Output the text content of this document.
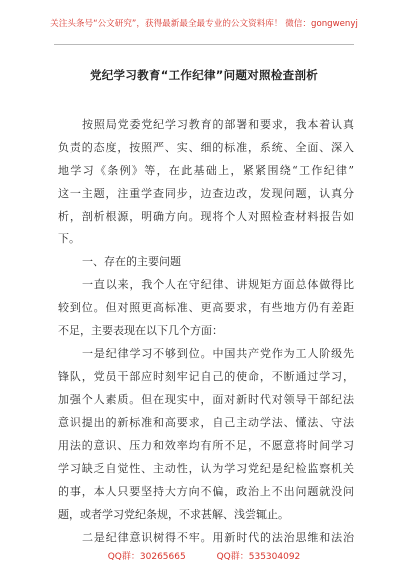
关注头条号“公文研究”，获得最新最全最专业的公文资料库！ 微信：gongwenyj
党纪学习教育“工作纪律”问题对照检查剖析
按照局党委党纪学习教育的部署和要求，我本着认真
负责的态度，按照严、实、细的标准，系统、全面、深入
地学习《条例》等，在此基础上，紧紧围绕“工作纪律”
这一主题，注重学查同步，边查边改，发现问题，认真分
析，剖析根源，明确方向。现将个人对照检查材料报告如
下。
一、存在的主要问题
一直以来，我个人在守纪律、讲规矩方面总体做得比
较到位。但对照更高标准、更高要求，有些地方仍有差距
不足，主要表现在以下几个方面：
一是纪律学习不够到位。中国共产党作为工人阶级先
锋队，党员干部应时刻牢记自己的使命，不断通过学习，
加强个人素质。但在现实中，面对新时代对领导干部纪法
意识提出的新标准和高要求，自己主动学法、懂法、守法
用法的意识、压力和效率均有所不足，不愿意将时间学习
学习缺乏自觉性、主动性，认为学习党纪是纪检监察机关
的事，本人只要坚持大方向不偏，政治上不出问题就没问
题，或者学习党纪条规，不求甚解、浅尝辄止。
二是纪律意识树得不牢。用新时代的法治思维和法治
QQ群：30265665	QQ群：535304092
